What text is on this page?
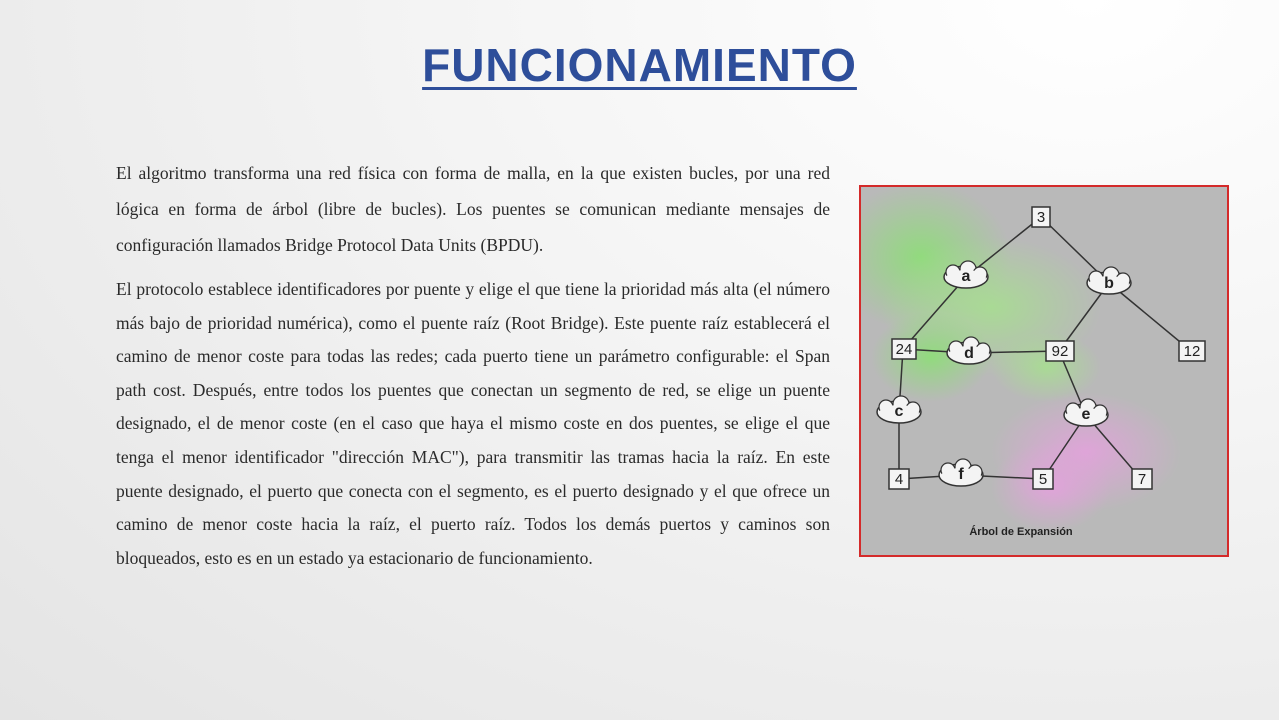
FUNCIONAMIENTO

El algoritmo transforma una red física con forma de malla, en la que existen bucles, por una red lógica en forma de árbol (libre de bucles). Los puentes se comunican mediante mensajes de configuración llamados Bridge Protocol Data Units (BPDU).

El protocolo establece identificadores por puente y elige el que tiene la prioridad más alta (el número más bajo de prioridad numérica), como el puente raíz (Root Bridge). Este puente raíz establecerá el camino de menor coste para todas las redes; cada puerto tiene un parámetro configurable: el Span path cost. Después, entre todos los puentes que conectan un segmento de red, se elige un puente designado, el de menor coste (en el caso que haya el mismo coste en dos puentes, se elige el que tenga el menor identificador "dirección MAC"), para transmitir las tramas hacia la raíz. En este puente designado, el puerto que conecta con el segmento, es el puerto designado y el que ofrece un camino de menor coste hacia la raíz, el puerto raíz. Todos los demás puertos y caminos son bloqueados, esto es en un estado ya estacionario de funcionamiento.

3
24	92	12
4	5	7
a	b
d
c	e
f
Árbol de Expansión
